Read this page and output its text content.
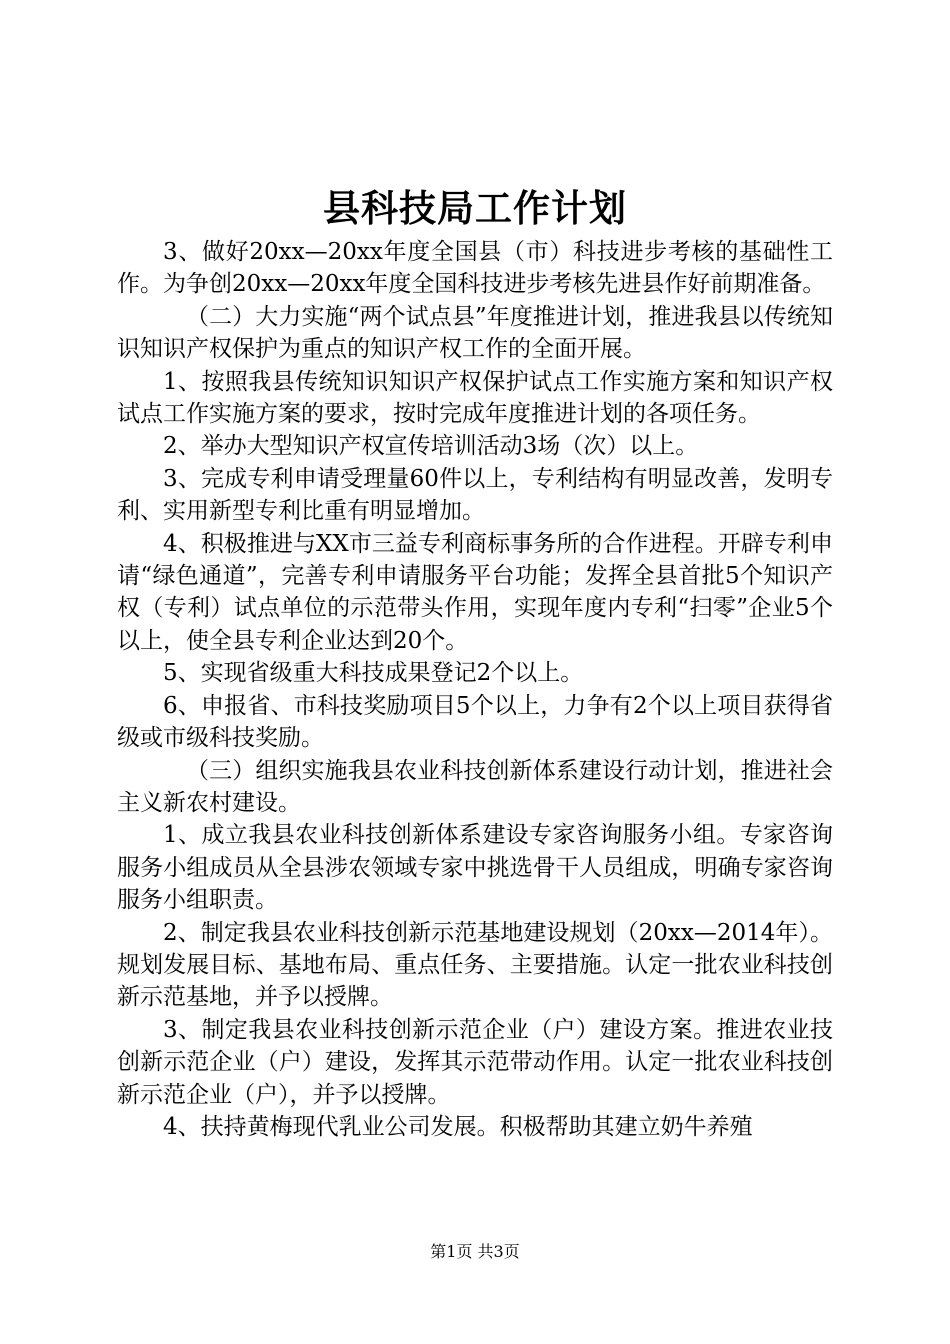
县科技局工作计划

3、做好20xx—20xx年度全国县（市）科技进步考核的基础性工作。为争创20xx—20xx年度全国科技进步考核先进县作好前期准备。

（二）大力实施“两个试点县”年度推进计划，推进我县以传统知识知识产权保护为重点的知识产权工作的全面开展。

1、按照我县传统知识知识产权保护试点工作实施方案和知识产权试点工作实施方案的要求，按时完成年度推进计划的各项任务。

2、举办大型知识产权宣传培训活动3场（次）以上。

3、完成专利申请受理量60件以上，专利结构有明显改善，发明专利、实用新型专利比重有明显增加。

4、积极推进与XX市三益专利商标事务所的合作进程。开辟专利申请“绿色通道”，完善专利申请服务平台功能；发挥全县首批5个知识产权（专利）试点单位的示范带头作用，实现年度内专利“扫零”企业5个以上，使全县专利企业达到20个。

5、实现省级重大科技成果登记2个以上。

6、申报省、市科技奖励项目5个以上，力争有2个以上项目获得省级或市级科技奖励。

（三）组织实施我县农业科技创新体系建设行动计划，推进社会主义新农村建设。

1、成立我县农业科技创新体系建设专家咨询服务小组。专家咨询服务小组成员从全县涉农领域专家中挑选骨干人员组成，明确专家咨询服务小组职责。

2、制定我县农业科技创新示范基地建设规划（20xx—2014年）。规划发展目标、基地布局、重点任务、主要措施。认定一批农业科技创新示范基地，并予以授牌。

3、制定我县农业科技创新示范企业（户）建设方案。推进农业技创新示范企业（户）建设，发挥其示范带动作用。认定一批农业科技创新示范企业（户），并予以授牌。

4、扶持黄梅现代乳业公司发展。积极帮助其建立奶牛养殖

第1页 共3页
